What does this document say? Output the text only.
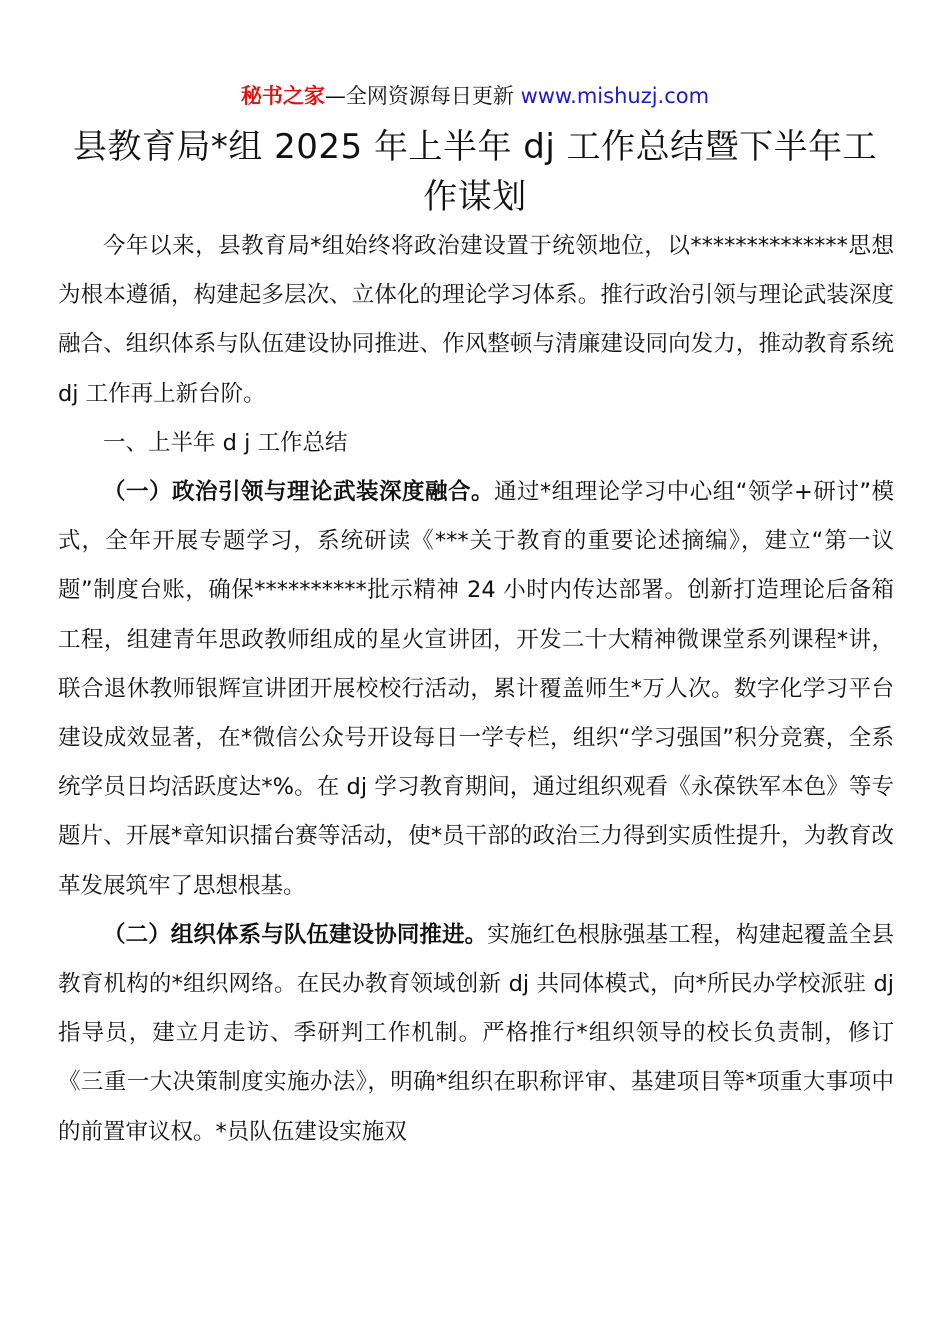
秘书之家—全网资源每日更新 www.mishuzj.com
县教育局*组 2025 年上半年 dj 工作总结暨下半年工作谋划

今年以来，县教育局*组始终将政治建设置于统领地位，以**************思想为根本遵循，构建起多层次、立体化的理论学习体系。推行政治引领与理论武装深度融合、组织体系与队伍建设协同推进、作风整顿与清廉建设同向发力，推动教育系统 dj 工作再上新台阶。

一、上半年 d j 工作总结

（一）政治引领与理论武装深度融合。通过*组理论学习中心组“领学+研讨”模式，全年开展专题学习，系统研读《***关于教育的重要论述摘编》，建立“第一议题”制度台账，确保**********批示精神 24 小时内传达部署。创新打造理论后备箱工程，组建青年思政教师组成的星火宣讲团，开发二十大精神微课堂系列课程*讲，联合退休教师银辉宣讲团开展校校行活动，累计覆盖师生*万人次。数字化学习平台建设成效显著，在*微信公众号开设每日一学专栏，组织“学习强国”积分竞赛，全系统学员日均活跃度达*%。在 dj 学习教育期间，通过组织观看《永葆铁军本色》等专题片、开展*章知识擂台赛等活动，使*员干部的政治三力得到实质性提升，为教育改革发展筑牢了思想根基。

（二）组织体系与队伍建设协同推进。实施红色根脉强基工程，构建起覆盖全县教育机构的*组织网络。在民办教育领域创新 dj 共同体模式，向*所民办学校派驻 dj 指导员，建立月走访、季研判工作机制。严格推行*组织领导的校长负责制，修订《三重一大决策制度实施办法》，明确*组织在职称评审、基建项目等*项重大事项中的前置审议权。*员队伍建设实施双
